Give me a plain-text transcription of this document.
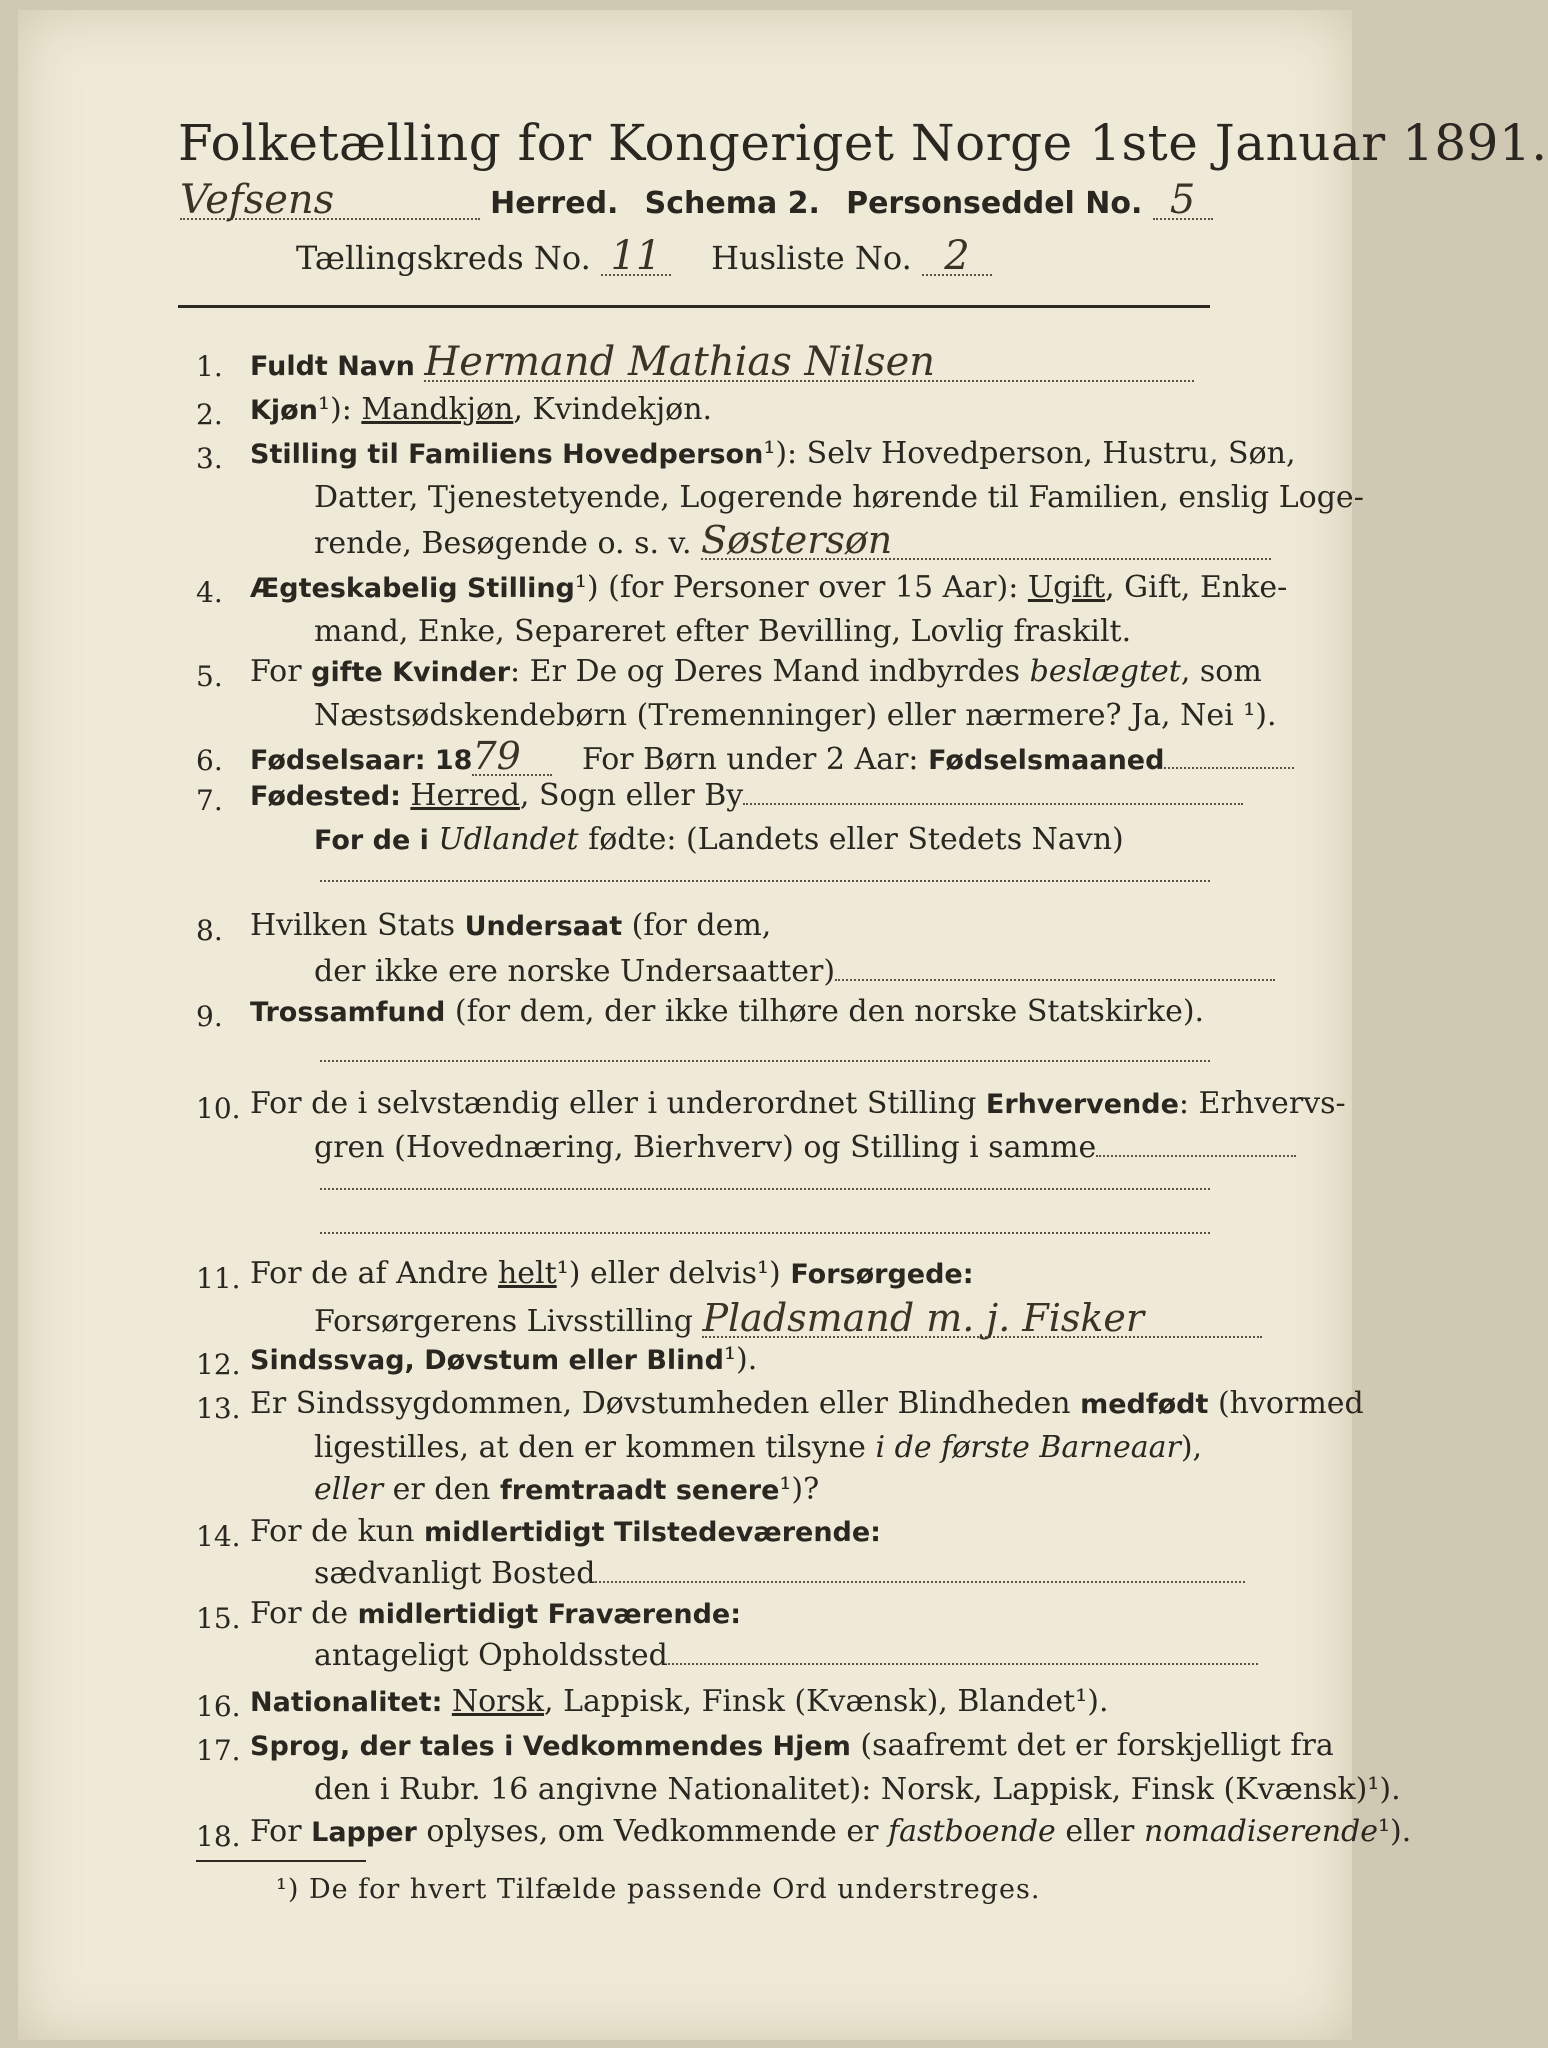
Folketælling for Kongeriget Norge 1ste Januar 1891.
Vefsens	Herred. Schema 2. Personseddel No. 5
Tællingskreds No. 11 Husliste No. 2
1. Fuldt Navn Hermand Mathias Nilsen
2. Kjøn¹): Mandkjøn, Kvindekjøn.
3. Stilling til Familiens Hovedperson¹): Selv Hovedperson, Hustru, Søn,
Datter, Tjenestetyende, Logerende hørende til Familien, enslig Loge-
rende, Besøgende o. s. v. Søstersøn
4. Ægteskabelig Stilling¹) (for Personer over 15 Aar): Ugift, Gift, Enke-
mand, Enke, Separeret efter Bevilling, Lovlig fraskilt.
5. For gifte Kvinder: Er De og Deres Mand indbyrdes beslægtet, som
Næstsødskendebørn (Tremenninger) eller nærmere? Ja, Nei ¹).
6. Fødselsaar: 1879 For Børn under 2 Aar: Fødselsmaaned
7. Fødested: Herred, Sogn eller By
For de i Udlandet fødte: (Landets eller Stedets Navn)
8. Hvilken Stats Undersaat (for dem,
der ikke ere norske Undersaatter)
9. Trossamfund (for dem, der ikke tilhøre den norske Statskirke).
10. For de i selvstændig eller i underordnet Stilling Erhvervende: Erhvervs-
gren (Hovednæring, Bierhverv) og Stilling i samme
11. For de af Andre helt¹) eller delvis¹) Forsørgede:
Forsørgerens Livsstilling Pladsmand m. j. Fisker
12. Sindssvag, Døvstum eller Blind¹).
13. Er Sindssygdommen, Døvstumheden eller Blindheden medfødt (hvormed
ligestilles, at den er kommen tilsyne i de første Barneaar),
eller er den fremtraadt senere¹)?
14. For de kun midlertidigt Tilstedeværende:
sædvanligt Bosted
15. For de midlertidigt Fraværende:
antageligt Opholdssted
16. Nationalitet: Norsk, Lappisk, Finsk (Kvænsk), Blandet¹).
17. Sprog, der tales i Vedkommendes Hjem (saafremt det er forskjelligt fra
den i Rubr. 16 angivne Nationalitet): Norsk, Lappisk, Finsk (Kvænsk)¹).
18. For Lapper oplyses, om Vedkommende er fastboende eller nomadiserende¹).
¹) De for hvert Tilfælde passende Ord understreges.
